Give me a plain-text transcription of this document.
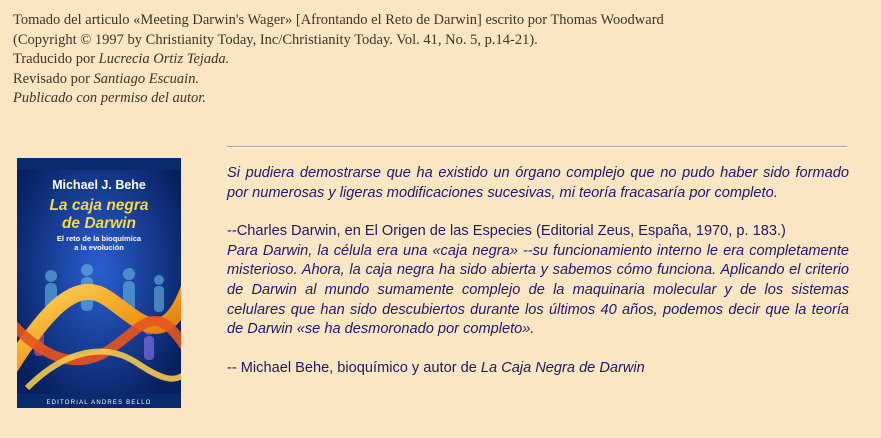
Tomado del articulo «Meeting Darwin's Wager» [Afrontando el Reto de Darwin] escrito por Thomas Woodward

(Copyright © 1997 by Christianity Today, Inc/Christianity Today. Vol. 41, No. 5, p.14-21).

Traducido por Lucrecia Ortiz Tejada.

Revisado por Santiago Escuain.

Publicado con permiso del autor.

Michael J. Behe
La caja negra
de Darwin
El reto de la bioquímica
a la evolución
EDITORIAL ANDRES BELLO

Si pudiera demostrarse que ha existido un órgano complejo que no pudo haber sido formado por numerosas y ligeras modificaciones sucesivas, mi teoría fracasaría por completo.

--Charles Darwin, en El Origen de las Especies (Editorial Zeus, España, 1970, p. 183.)

Para Darwin, la célula era una «caja negra» --su funcionamiento interno le era completamente misterioso. Ahora, la caja negra ha sido abierta y sabemos cómo funciona. Aplicando el criterio de Darwin al mundo sumamente complejo de la maquinaria molecular y de los sistemas celulares que han sido descubiertos durante los últimos 40 años, podemos decir que la teoría de Darwin «se ha desmoronado por completo».

-- Michael Behe, bioquímico y autor de La Caja Negra de Darwin
